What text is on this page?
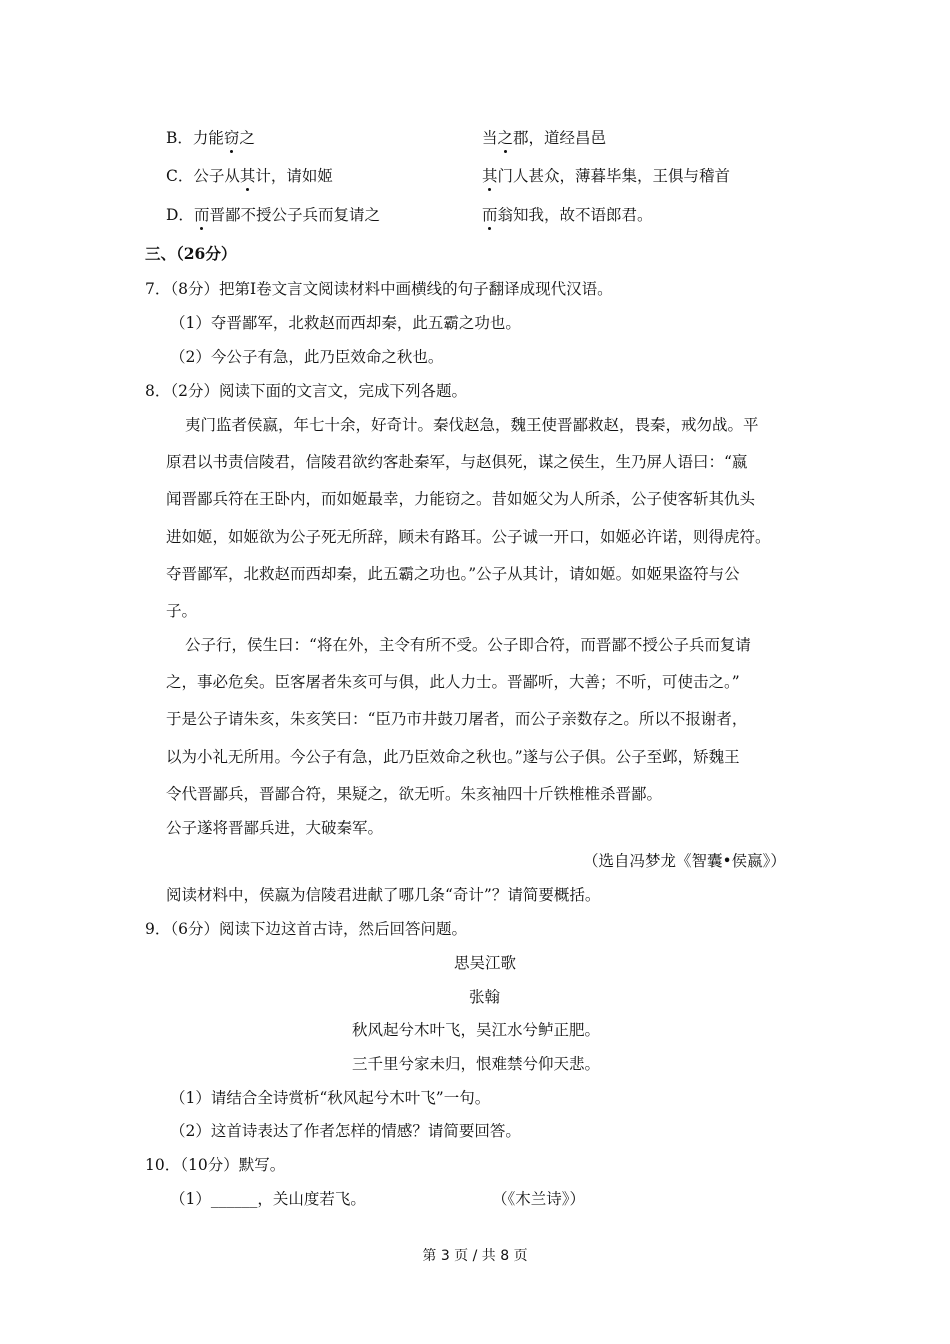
B．力能窃之	当之郡，道经昌邑
C．公子从其计，请如姬	其门人甚众，薄暮毕集，王俱与稽首
D．而晋鄙不授公子兵而复请之	而翁知我，故不语郎君。
三、（26分）
7．（8分）把第Ⅰ卷文言文阅读材料中画横线的句子翻译成现代汉语。
（1）夺晋鄙军，北救赵而西却秦，此五霸之功也。
（2）今公子有急，此乃臣效命之秋也。
8．（2分）阅读下面的文言文，完成下列各题。
夷门监者侯嬴，年七十余，好奇计。秦伐赵急，魏王使晋鄙救赵，畏秦，戒勿战。平
原君以书责信陵君，信陵君欲约客赴秦军，与赵俱死，谋之侯生，生乃屏人语曰：“嬴
闻晋鄙兵符在王卧内，而如姬最幸，力能窃之。昔如姬父为人所杀，公子使客斩其仇头
进如姬，如姬欲为公子死无所辞，顾未有路耳。公子诚一开口，如姬必许诺，则得虎符。
夺晋鄙军，北救赵而西却秦，此五霸之功也。”公子从其计，请如姬。如姬果盗符与公
子。
公子行，侯生曰：“将在外，主令有所不受。公子即合符，而晋鄙不授公子兵而复请
之，事必危矣。臣客屠者朱亥可与俱，此人力士。晋鄙听，大善；不听，可使击之。”
于是公子请朱亥，朱亥笑曰：“臣乃市井鼓刀屠者，而公子亲数存之。所以不报谢者，
以为小礼无所用。今公子有急，此乃臣效命之秋也。”遂与公子俱。公子至邺，矫魏王
令代晋鄙兵，晋鄙合符，果疑之，欲无听。朱亥袖四十斤铁椎椎杀晋鄙。
公子遂将晋鄙兵进，大破秦军。
（选自冯梦龙《智囊•侯嬴》）
阅读材料中，侯嬴为信陵君进献了哪几条“奇计”？请简要概括。
9．（6分）阅读下边这首古诗，然后回答问题。
思吴江歌
张翰
秋风起兮木叶飞，吴江水兮鲈正肥。
三千里兮家未归，恨难禁兮仰天悲。
（1）请结合全诗赏析“秋风起兮木叶飞”一句。
（2）这首诗表达了作者怎样的情感？请简要回答。
10．（10分）默写。
（1）______，关山度若飞。	（《木兰诗》）
第 3 页 / 共 8 页
